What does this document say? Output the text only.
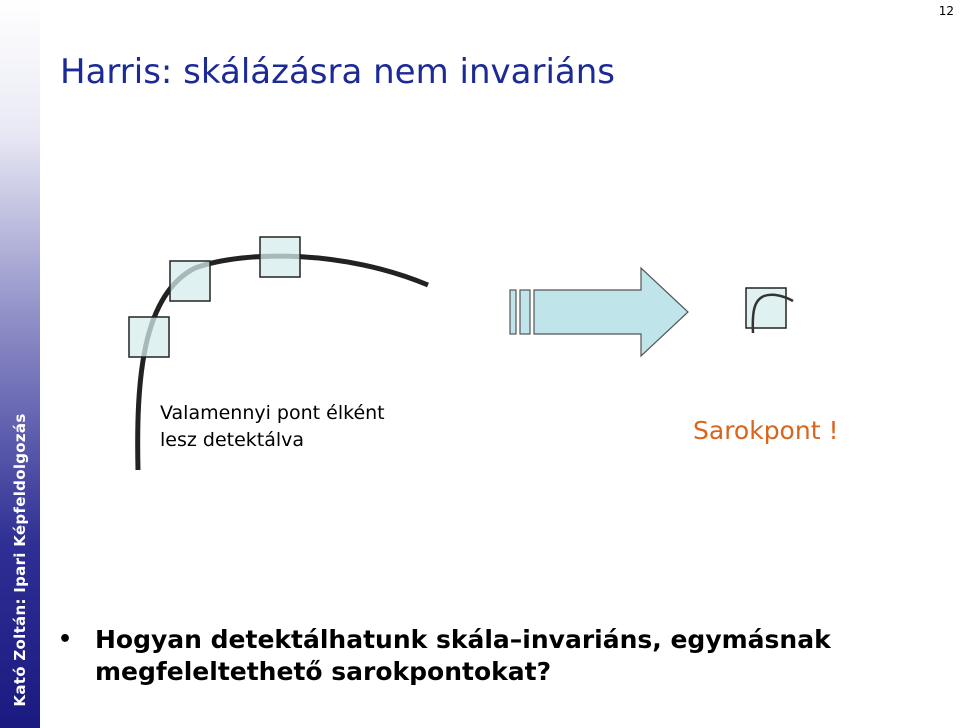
Kató Zoltán: Ipari Képfeldolgozás
12
Harris: skálázásra nem invariáns
Valamennyi pont élként
lesz detektálva	Sarokpont !
• Hogyan detektálhatunk skála–invariáns, egymásnak
megfeleltethető sarokpontokat?
